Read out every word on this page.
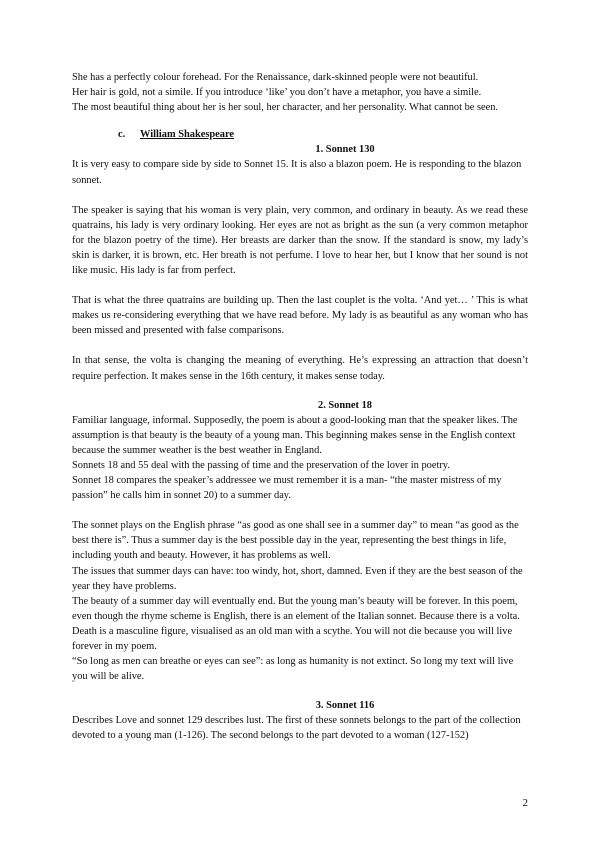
She has a perfectly colour forehead. For the Renaissance, dark-skinned people were not beautiful.

Her hair is gold, not a simile. If you introduce ‘like’ you don’t have a metaphor, you have a simile.

The most beautiful thing about her is her soul, her character, and her personality. What cannot be seen.

c. William Shakespeare

1. Sonnet 130

It is very easy to compare side by side to Sonnet 15. It is also a blazon poem. He is responding to the blazon sonnet.

The speaker is saying that his woman is very plain, very common, and ordinary in beauty. As we read these quatrains, his lady is very ordinary looking. Her eyes are not as bright as the sun (a very common metaphor for the blazon poetry of the time). Her breasts are darker than the snow. If the standard is snow, my lady’s skin is darker, it is brown, etc. Her breath is not perfume. I love to hear her, but I know that her sound is not like music. His lady is far from perfect.

That is what the three quatrains are building up. Then the last couplet is the volta. ‘And yet… ’ This is what makes us re-considering everything that we have read before. My lady is as beautiful as any woman who has been missed and presented with false comparisons.

In that sense, the volta is changing the meaning of everything. He’s expressing an attraction that doesn’t require perfection. It makes sense in the 16th century, it makes sense today.

2. Sonnet 18

Familiar language, informal. Supposedly, the poem is about a good-looking man that the speaker likes. The assumption is that beauty is the beauty of a young man. This beginning makes sense in the English context because the summer weather is the best weather in England.

Sonnets 18 and 55 deal with the passing of time and the preservation of the lover in poetry.

Sonnet 18 compares the speaker’s addressee we must remember it is a man- “the master mistress of my passion” he calls him in sonnet 20) to a summer day.

The sonnet plays on the English phrase “as good as one shall see in a summer day” to mean “as good as the best there is”. Thus a summer day is the best possible day in the year, representing the best things in life, including youth and beauty. However, it has problems as well.

The issues that summer days can have: too windy, hot, short, damned. Even if they are the best season of the year they have problems.

The beauty of a summer day will eventually end. But the young man’s beauty will be forever. In this poem, even though the rhyme scheme is English, there is an element of the Italian sonnet. Because there is a volta.

Death is a masculine figure, visualised as an old man with a scythe. You will not die because you will live forever in my poem.

“So long as men can breathe or eyes can see”: as long as humanity is not extinct. So long my text will live you will be alive.

3. Sonnet 116

Describes Love and sonnet 129 describes lust. The first of these sonnets belongs to the part of the collection devoted to a young man (1-126). The second belongs to the part devoted to a woman (127-152)

2
